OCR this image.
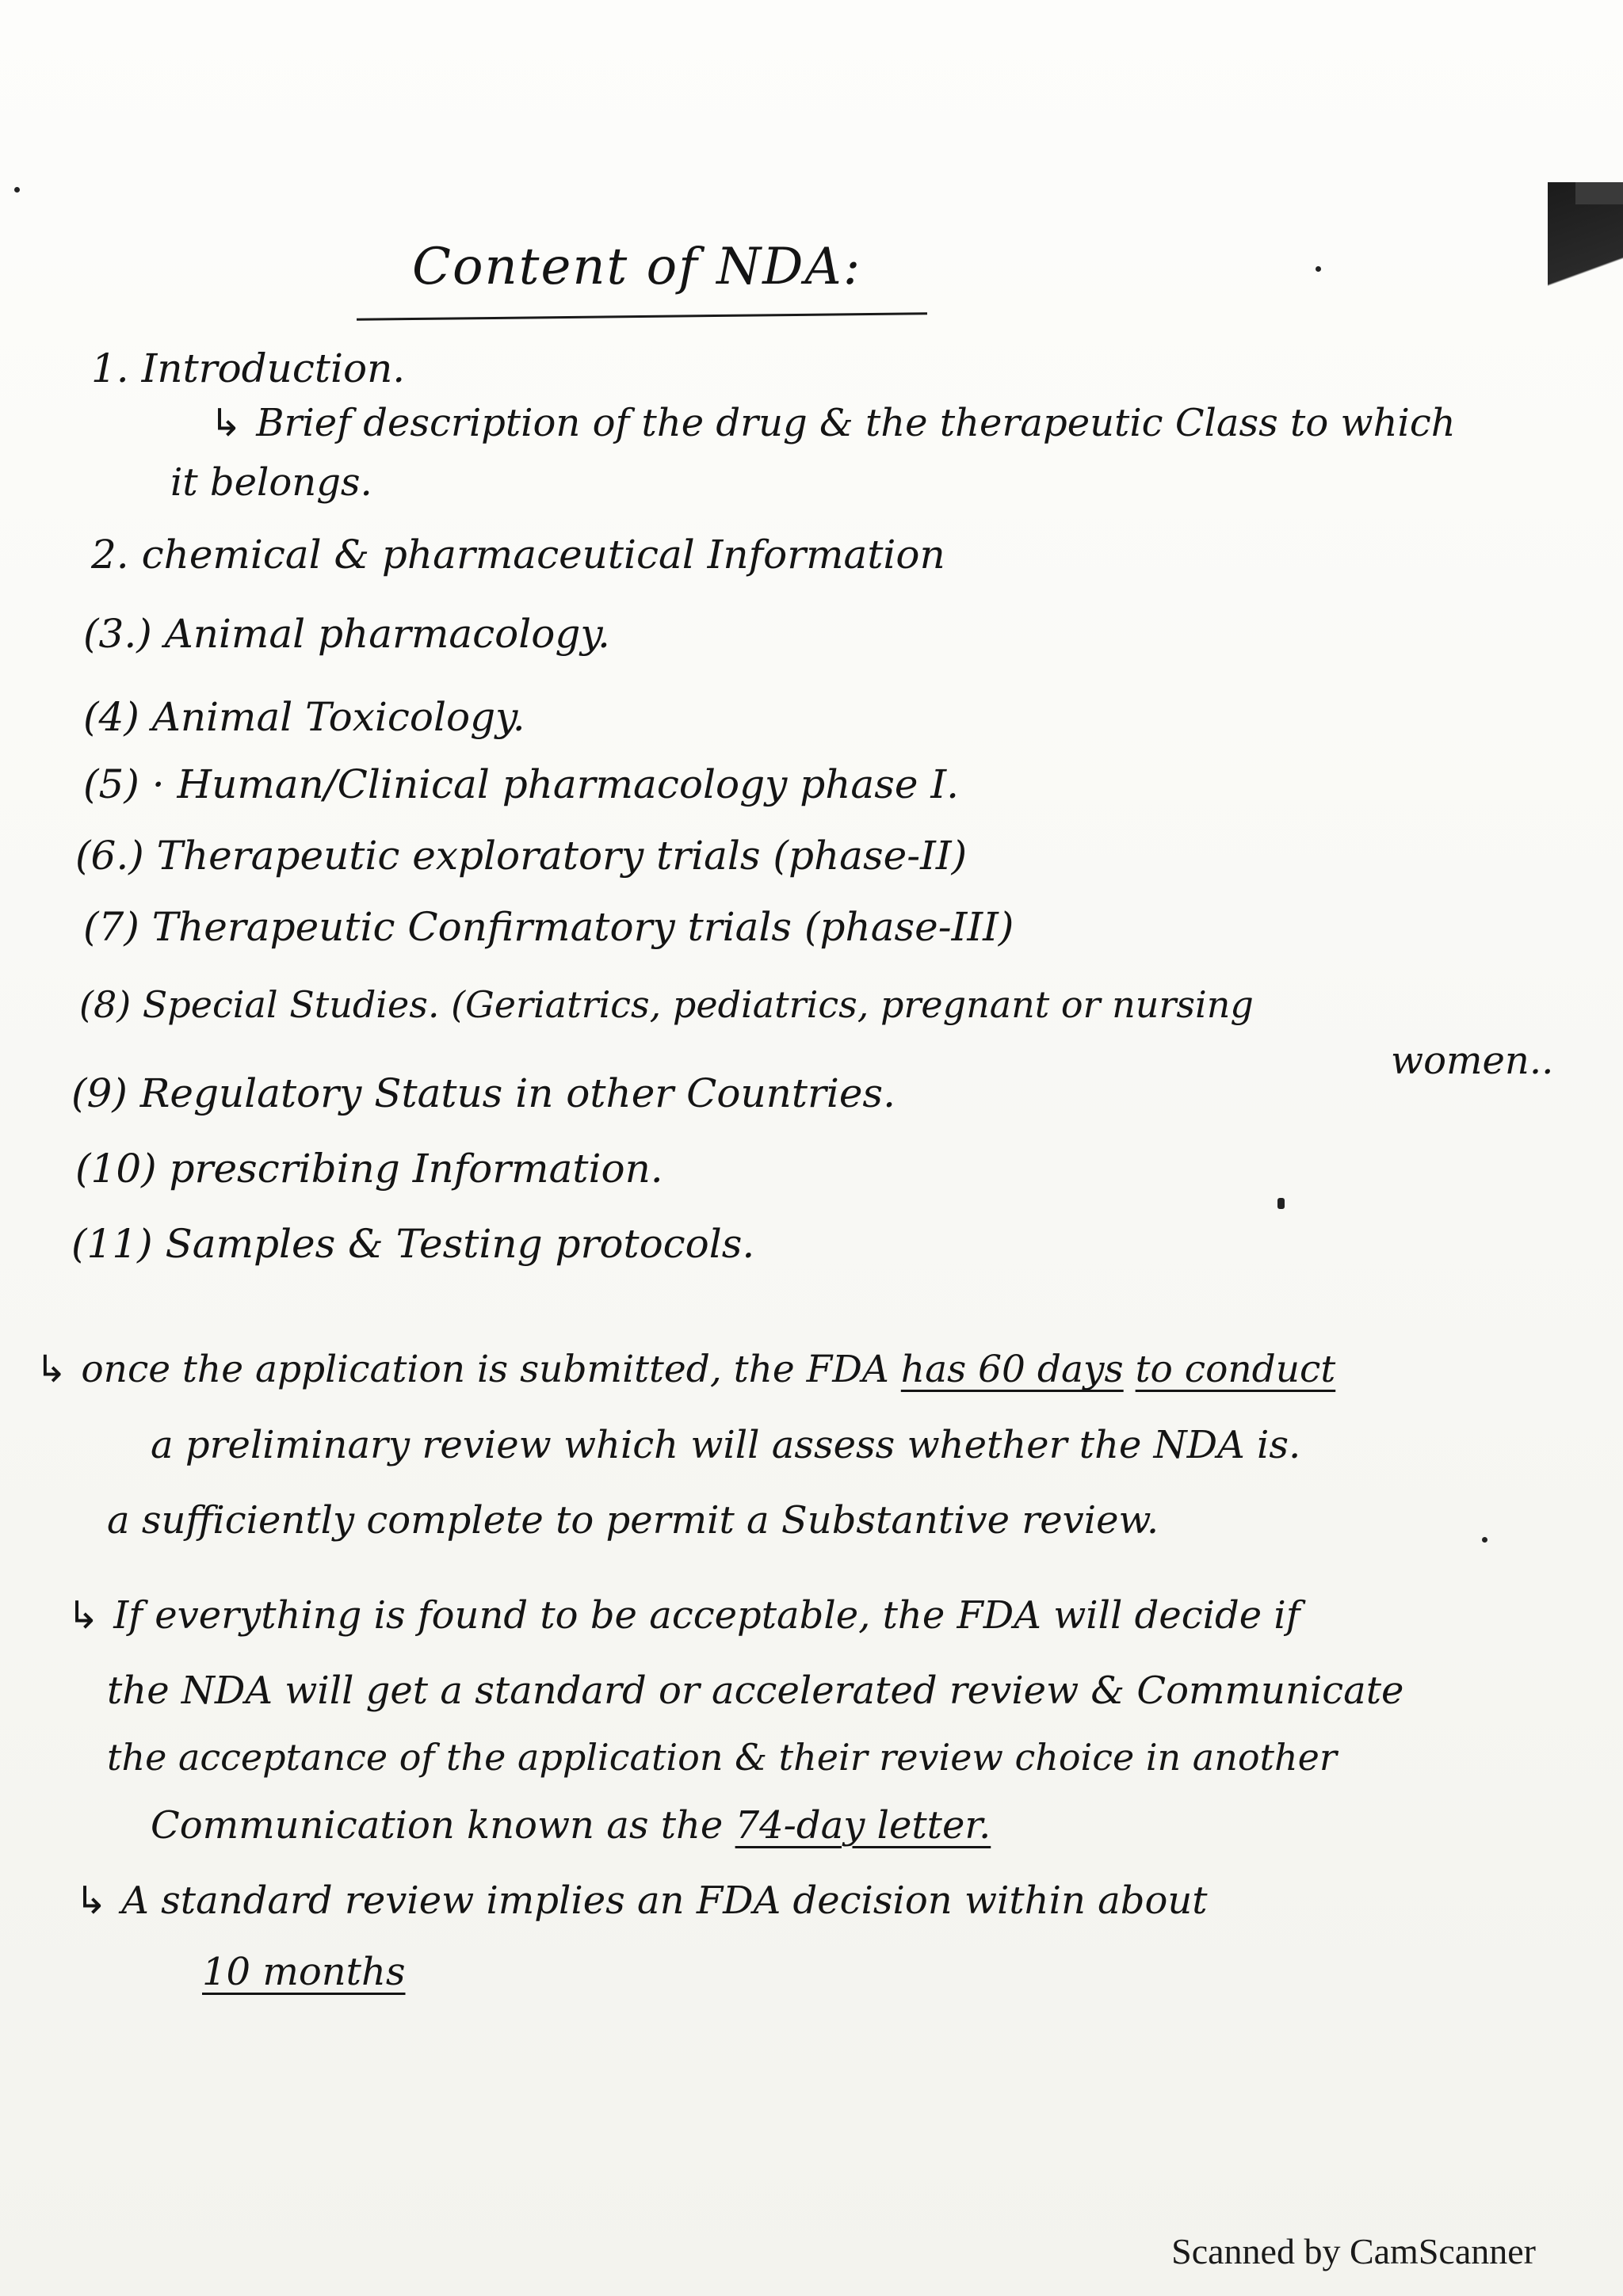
Content of NDA:
1. Introduction.
↳ Brief description of the drug & the therapeutic Class to which
it belongs.
2. chemical & pharmaceutical Information
(3.) Animal pharmacology.
(4) Animal Toxicology.
(5) · Human/Clinical pharmacology phase I.
(6.) Therapeutic exploratory trials (phase-II)
(7) Therapeutic Confirmatory trials (phase-III)
(8) Special Studies. (Geriatrics, pediatrics, pregnant or nursing
women..
(9) Regulatory Status in other Countries.
(10) prescribing Information.
(11) Samples & Testing protocols.
↳ once the application is submitted, the FDA has 60 days to conduct
a preliminary review which will assess whether the NDA is.
a sufficiently complete to permit a Substantive review.
↳ If everything is found to be acceptable, the FDA will decide if
the NDA will get a standard or accelerated review & Communicate
the acceptance of the application & their review choice in another
Communication known as the 74-day letter.
↳ A standard review implies an FDA decision within about
10 months
Scanned by CamScanner
